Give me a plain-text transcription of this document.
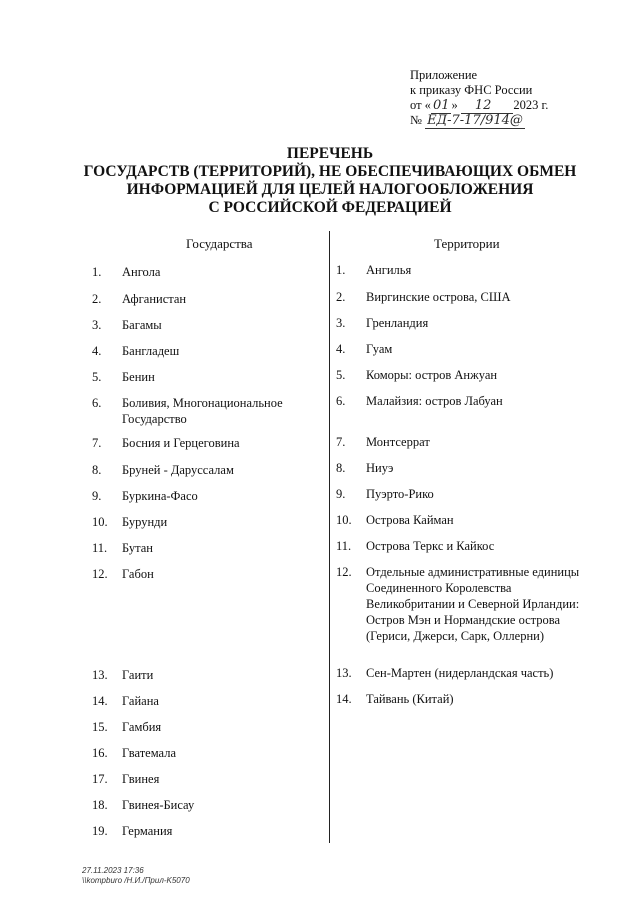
Приложение
к приказу ФНС России
от « 01 » 12 2023 г.
№ ЕД-7-17/914@
ПЕРЕЧЕНЬ
ГОСУДАРСТВ (ТЕРРИТОРИЙ), НЕ ОБЕСПЕЧИВАЮЩИХ ОБМЕН
ИНФОРМАЦИЕЙ ДЛЯ ЦЕЛЕЙ НАЛОГООБЛОЖЕНИЯ
С РОССИЙСКОЙ ФЕДЕРАЦИЕЙ
Государства	Территории
1. Ангола
2. Афганистан
3. Багамы
4. Бангладеш
5. Бенин
6. Боливия, Многонациональное Государство
7. Босния и Герцеговина
8. Бруней - Даруссалам
9. Буркина-Фасо
10. Бурунди
11. Бутан
12. Габон
13. Гаити
14. Гайана
15. Гамбия
16. Гватемала
17. Гвинея
18. Гвинея-Бисау
19. Германия
1. Ангилья
2. Виргинские острова, США
3. Гренландия
4. Гуам
5. Коморы: остров Анжуан
6. Малайзия: остров Лабуан
7. Монтсеррат
8. Ниуэ
9. Пуэрто-Рико
10. Острова Кайман
11. Острова Теркс и Кайкос
12. Отдельные административные единицы Соединенного Королевства Великобритании и Северной Ирландии: Остров Мэн и Нормандские острова (Гериси, Джерси, Сарк, Оллерни)
13. Сен-Мартен (нидерландская часть)
14. Тайвань (Китай)
27.11.2023 17:36
\\kompburo /Н.И./Прил-K5070
